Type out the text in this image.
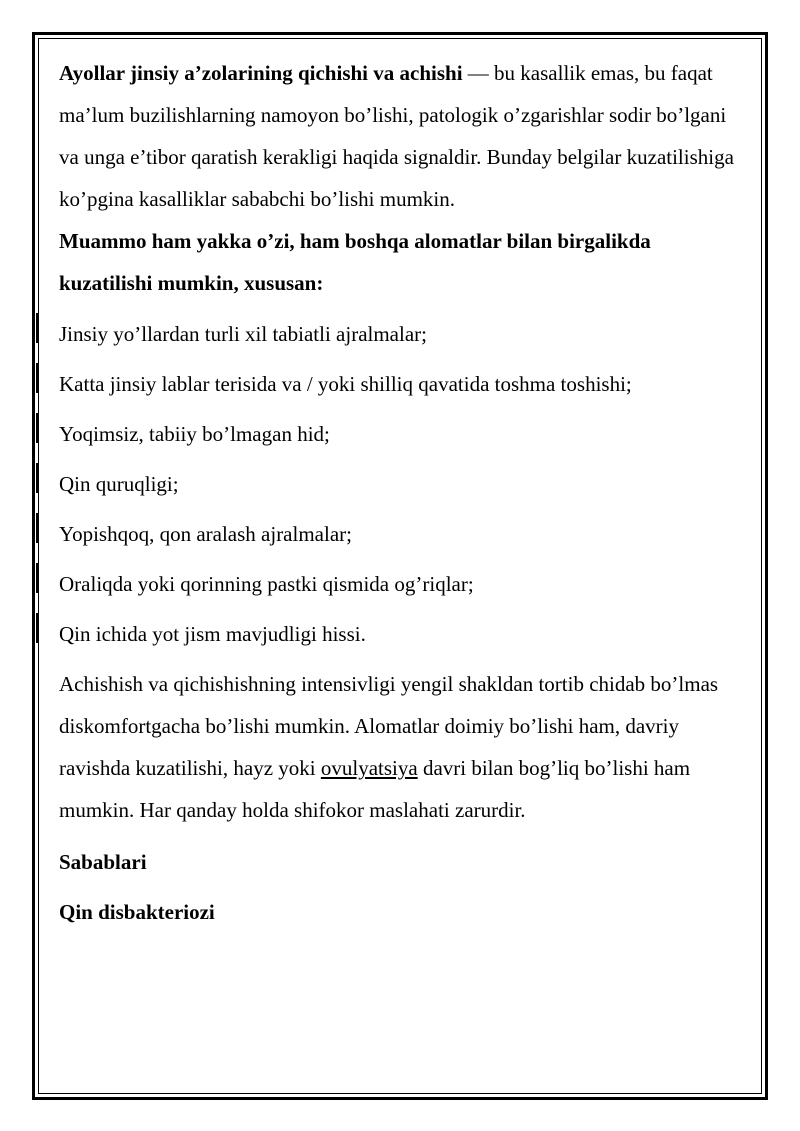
Ayollar jinsiy a’zolarining qichishi va achishi — bu kasallik emas, bu faqat ma’lum buzilishlarning namoyon bo’lishi, patologik o’zgarishlar sodir bo’lgani va unga e’tibor qaratish kerakligi haqida signaldir. Bunday belgilar kuzatilishiga ko’pgina kasalliklar sababchi bo’lishi mumkin.

Muammo ham yakka o’zi, ham boshqa alomatlar bilan birgalikda kuzatilishi mumkin, xususan:

Jinsiy yo’llardan turli xil tabiatli ajralmalar;
Katta jinsiy lablar terisida va / yoki shilliq qavatida toshma toshishi;
Yoqimsiz, tabiiy bo’lmagan hid;
Qin quruqligi;
Yopishqoq, qon aralash ajralmalar;
Oraliqda yoki qorinning pastki qismida og’riqlar;
Qin ichida yot jism mavjudligi hissi.

Achishish va qichishishning intensivligi yengil shakldan tortib chidab bo’lmas diskomfortgacha bo’lishi mumkin. Alomatlar doimiy bo’lishi ham, davriy ravishda kuzatilishi, hayz yoki ovulyatsiya davri bilan bog’liq bo’lishi ham mumkin. Har qanday holda shifokor maslahati zarurdir.

Sabablari

Qin disbakteriozi
